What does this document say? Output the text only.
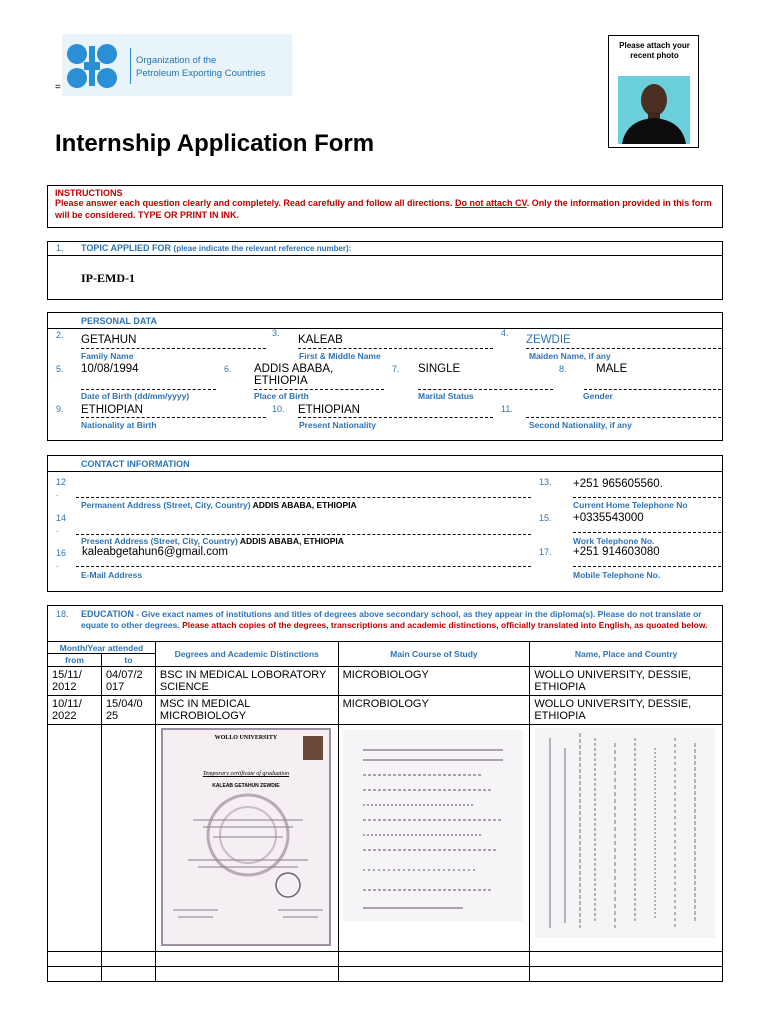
Organization of the
Petroleum Exporting Countries
=
Please attach your recent photo
Internship Application Form
INSTRUCTIONS
Please answer each question clearly and completely. Read carefully and follow all directions. Do not attach CV. Only the information provided in this form will be considered. TYPE OR PRINT IN INK.
1. TOPIC APPLIED FOR (pleae indicate the relevant reference number):
IP-EMD-1
PERSONAL DATA
2. GETAHUN
Family Name
3.
KALEAB
First & Middle Name
4.
ZEWDIE
Maiden Name, if any
5. 10/08/1994
Date of Birth (dd/mm/yyyy)
6. ADDIS ABABA,
ETHIOPIA
Place of Birth
7. SINGLE
Marital Status
8.	MALE
Gender
9. ETHIOPIAN
Nationality at Birth
10. ETHIOPIAN
Present Nationality
11.
Second Nationality, if any
CONTACT INFORMATION
12
.
Permanent Address (Street, City, Country) ADDIS ABABA, ETHIOPIA
13. +251 965605560.
Current Home Telephone No
14
.
Present Address (Street, City, Country) ADDIS ABABA, ETHIOPIA
15. +0335543000
Work Telephone No.
16
.
kaleabgetahun6@gmail.com
E-Mail Address
17. +251 914603080
Mobile Telephone No.
18. EDUCATION - Give exact names of institutions and titles of degrees above secondary school, as they appear in the diploma(s). Please do not translate or equate to other degrees. Please attach copies of the degrees, transcriptions and academic distinctions, officially translated into English, as quoated below.
Month/Year attended		Degrees and Academic Distinctions	Main Course of Study	Name, Place and Country
from	to			
15/11/ 2012	04/07/2 017	BSC IN MEDICAL LOBORATORY SCIENCE	MICROBIOLOGY	WOLLO UNIVERSITY, DESSIE, ETHIOPIA
10/11/ 2022	15/04/0 25	MSC IN MEDICAL MICROBIOLOGY	MICROBIOLOGY	WOLLO UNIVERSITY, DESSIE, ETHIOPIA

		WOLLO UNIVERSITY
Temporary certificate of graduation
KALEAB GETAHUN ZEWDIE
